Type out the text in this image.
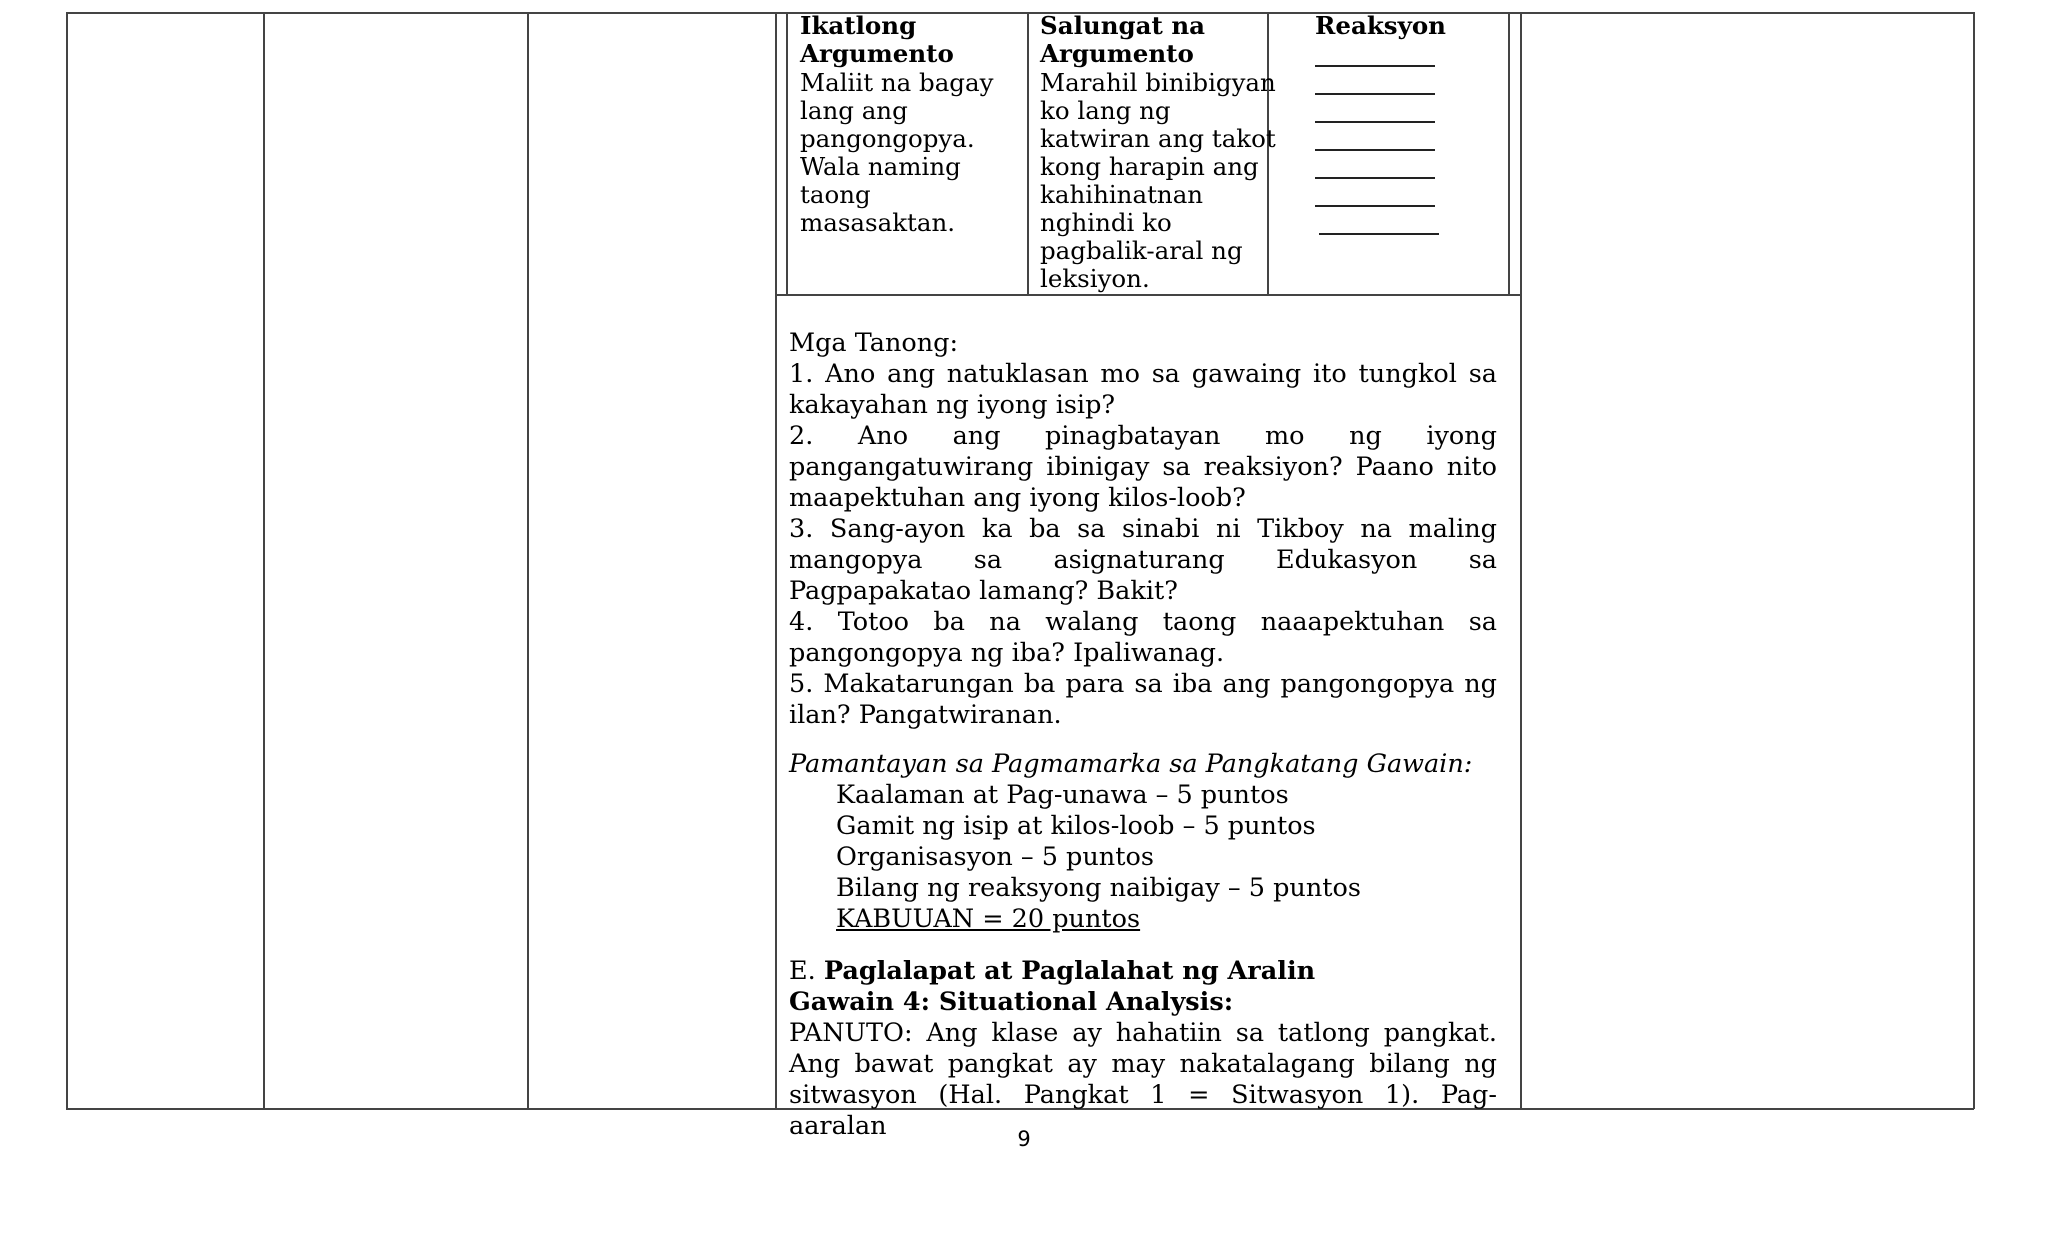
Ikatlong Argumento
Salungat na Argumento
Reaksyon
Maliit na bagay
lang ang
pangongopya.
Wala naming
taong
masasaktan.
Marahil binibigyan
ko lang ng
katwiran ang takot
kong harapin ang
kahihinatnan
nghindi ko
pagbalik-aral ng
leksiyon.
Mga Tanong:
1. Ano ang natuklasan mo sa gawaing ito tungkol sa kakayahan ng iyong isip?
2. Ano ang pinagbatayan mo ng iyong pangangatuwirang ibinigay sa reaksiyon? Paano nito maapektuhan ang iyong kilos-loob?
3. Sang-ayon ka ba sa sinabi ni Tikboy na maling mangopya sa asignaturang Edukasyon sa Pagpapakatao lamang? Bakit?
4. Totoo ba na walang taong naaapektuhan sa pangongopya ng iba? Ipaliwanag.
5. Makatarungan ba para sa iba ang pangongopya ng ilan? Pangatwiranan.
Pamantayan sa Pagmamarka sa Pangkatang Gawain:
Kaalaman at Pag-unawa – 5 puntos
Gamit ng isip at kilos-loob – 5 puntos
Organisasyon – 5 puntos
Bilang ng reaksyong naibigay – 5 puntos
KABUUAN = 20 puntos
E. Paglalapat at Paglalahat ng Aralin
Gawain 4: Situational Analysis:
PANUTO: Ang klase ay hahatiin sa tatlong pangkat. Ang bawat pangkat ay may nakatalagang bilang ng sitwasyon (Hal. Pangkat 1 = Sitwasyon 1). Pag-aaralan	9
